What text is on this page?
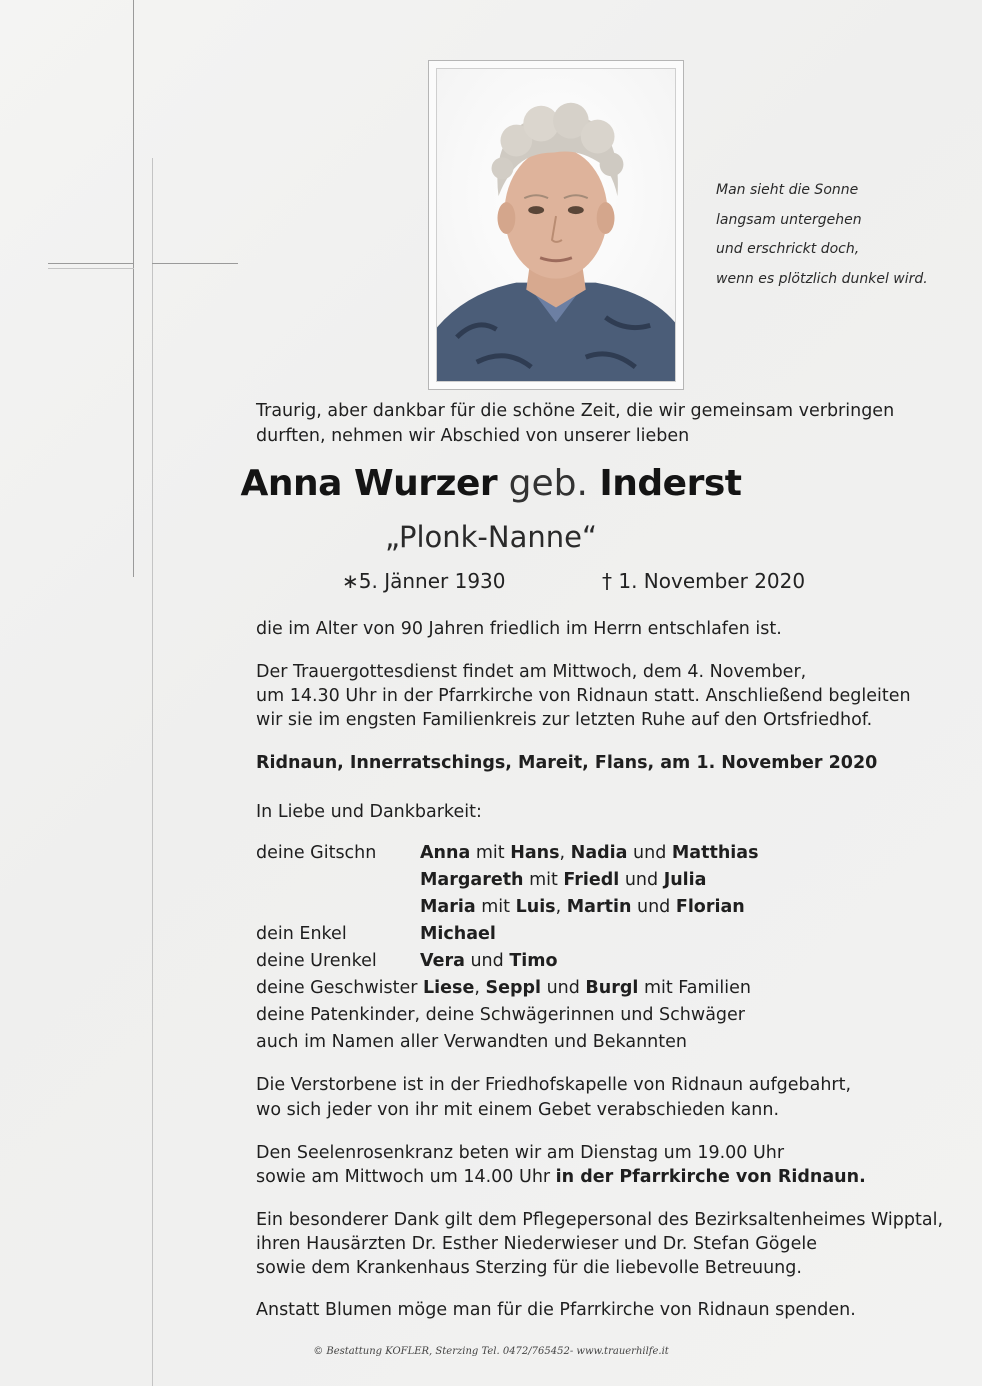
Man sieht die Sonne
langsam untergehen
und erschrickt doch,
wenn es plötzlich dunkel wird.
Traurig, aber dankbar für die schöne Zeit, die wir gemeinsam verbringen
durften, nehmen wir Abschied von unserer lieben
Anna Wurzer geb. Inderst
„Plonk-Nanne“
∗5. Jänner 1930	† 1. November 2020
die im Alter von 90 Jahren friedlich im Herrn entschlafen ist.
Der Trauergottesdienst findet am Mittwoch, dem 4. November,
um 14.30 Uhr in der Pfarrkirche von Ridnaun statt. Anschließend begleiten
wir sie im engsten Familienkreis zur letzten Ruhe auf den Ortsfriedhof.
Ridnaun, Innerratschings, Mareit, Flans, am 1. November 2020
In Liebe und Dankbarkeit:
deine Gitschn Anna mit Hans, Nadia und Matthias
Margareth mit Friedl und Julia
Maria mit Luis, Martin und Florian
dein Enkel	Michael
deine Urenkel Vera und Timo
deine Geschwister Liese, Seppl und Burgl mit Familien
deine Patenkinder, deine Schwägerinnen und Schwäger
auch im Namen aller Verwandten und Bekannten
Die Verstorbene ist in der Friedhofskapelle von Ridnaun aufgebahrt,
wo sich jeder von ihr mit einem Gebet verabschieden kann.
Den Seelenrosenkranz beten wir am Dienstag um 19.00 Uhr
sowie am Mittwoch um 14.00 Uhr in der Pfarrkirche von Ridnaun.
Ein besonderer Dank gilt dem Pflegepersonal des Bezirksaltenheimes Wipptal,
ihren Hausärzten Dr. Esther Niederwieser und Dr. Stefan Gögele
sowie dem Krankenhaus Sterzing für die liebevolle Betreuung.
Anstatt Blumen möge man für die Pfarrkirche von Ridnaun spenden.
© Bestattung KOFLER, Sterzing Tel. 0472/765452- www.trauerhilfe.it
